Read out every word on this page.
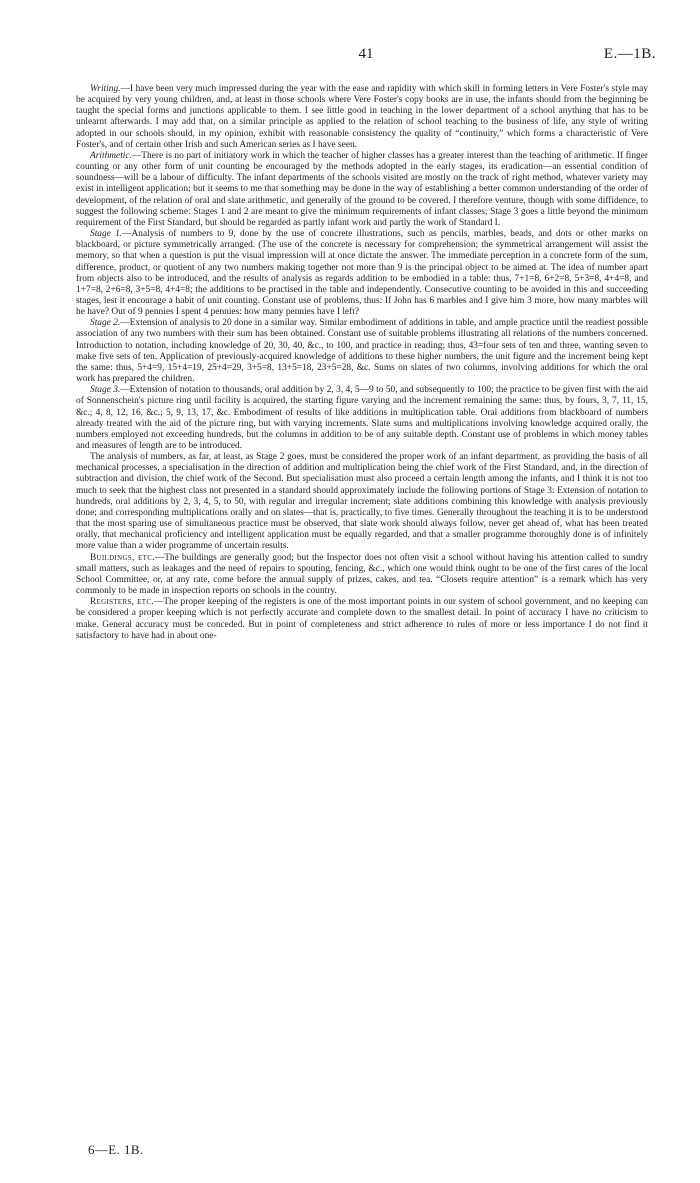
41	E.—1B.

Writing.—I have been very much impressed during the year with the ease and rapidity with which skill in forming letters in Vere Foster's style may be acquired by very young children, and, at least in those schools where Vere Foster's copy books are in use, the infants should from the beginning be taught the special forms and junctions applicable to them. I see little good in teaching in the lower department of a school anything that has to be unlearnt afterwards. I may add that, on a similar principle as applied to the relation of school teaching to the business of life, any style of writing adopted in our schools should, in my opinion, exhibit with reasonable consistency the quality of “continuity,” which forms a characteristic of Vere Foster's, and of certain other Irish and such American series as I have seen.

Arithmetic.—There is no part of initiatory work in which the teacher of higher classes has a greater interest than the teaching of arithmetic. If finger counting or any other form of unit counting be encouraged by the methods adopted in the early stages, its eradication—an essential condition of soundness—will be a labour of difficulty. The infant departments of the schools visited are mostly on the track of right method, whatever variety may exist in intelligent application; but it seems to me that something may be done in the way of establishing a better common understanding of the order of development, of the relation of oral and slate arithmetic, and generally of the ground to be covered. I therefore venture, though with some diffidence, to suggest the following scheme: Stages 1 and 2 are meant to give the minimum requirements of infant classes; Stage 3 goes a little beyond the minimum requirement of the First Standard, but should be regarded as partly infant work and partly the work of Standard I.

Stage 1.—Analysis of numbers to 9, done by the use of concrete illustrations, such as pencils, marbles, beads, and dots or other marks on blackboard, or picture symmetrically arranged. (The use of the concrete is necessary for comprehension; the symmetrical arrangement will assist the memory, so that when a question is put the visual impression will at once dictate the answer. The immediate perception in a concrete form of the sum, difference, product, or quotient of any two numbers making together not more than 9 is the principal object to be aimed at. The idea of number apart from objects also to be introduced, and the results of analysis as regards addition to be embodied in a table: thus, 7+1=8, 6+2=8, 5+3=8, 4+4=8, and 1+7=8, 2+6=8, 3+5=8, 4+4=8; the additions to be practised in the table and independently. Consecutive counting to be avoided in this and succeeding stages, lest it encourage a habit of unit counting. Constant use of problems, thus: If John has 6 marbles and I give him 3 more, how many marbles will he have? Out of 9 pennies I spent 4 pennies: how many pennies have I left?

Stage 2.—Extension of analysis to 20 done in a similar way. Similar embodiment of additions in table, and ample practice until the readiest possible association of any two numbers with their sum has been obtained. Constant use of suitable problems illustrating all relations of the numbers concerned. Introduction to notation, including knowledge of 20, 30, 40, &c., to 100, and practice in reading; thus, 43=four sets of ten and three, wanting seven to make five sets of ten. Application of previously-acquired knowledge of additions to these higher numbers, the unit figure and the increment being kept the same: thus, 5+4=9, 15+4=19, 25+4=29, 3+5=8, 13+5=18, 23+5=28, &c. Sums on slates of two columns, involving additions for which the oral work has prepared the children.

Stage 3.—Extension of notation to thousands, oral addition by 2, 3, 4, 5—9 to 50, and subsequently to 100; the practice to be given first with the aid of Sonnenschein's picture ring until facility is acquired, the starting figure varying and the increment remaining the same: thus, by fours, 3, 7, 11, 15, &c.; 4, 8, 12, 16, &c.; 5, 9, 13, 17, &c. Embodiment of results of like additions in multiplication table. Oral additions from blackboard of numbers already treated with the aid of the picture ring, but with varying increments. Slate sums and multiplications involving knowledge acquired orally, the numbers employed not exceeding hundreds, but the columns in addition to be of any suitable depth. Constant use of problems in which money tables and measures of length are to be introduced.

The analysis of numbers, as far, at least, as Stage 2 goes, must be considered the proper work of an infant department, as providing the basis of all mechanical processes, a specialisation in the direction of addition and multiplication being the chief work of the First Standard, and, in the direction of subtraction and division, the chief work of the Second. But specialisation must also proceed a certain length among the infants, and I think it is not too much to seek that the highest class not presented in a standard should approximately include the following portions of Stage 3: Extension of notation to hundreds, oral additions by 2, 3, 4, 5, to 50, with regular and irregular increment; slate additions combining this knowledge with analysis previously done; and corresponding multiplications orally and on slates—that is, practically, to five times. Generally throughout the teaching it is to be understood that the most sparing use of simultaneous practice must be observed, that slate work should always follow, never get ahead of, what has been treated orally, that mechanical proficiency and intelligent application must be equally regarded, and that a smaller programme thoroughly done is of infinitely more value than a wider programme of uncertain results.

Buildings, etc.—The buildings are generally good; but the Inspector does not often visit a school without having his attention called to sundry small matters, such as leakages and the need of repairs to spouting, fencing, &c., which one would think ought to be one of the first cares of the local School Committee, or, at any rate, come before the annual supply of prizes, cakes, and tea. “Closets require attention” is a remark which has very commonly to be made in inspection reports on schools in the country.

Registers, etc.—The proper keeping of the registers is one of the most important points in our system of school government, and no keeping can be considered a proper keeping which is not perfectly accurate and complete down to the smallest detail. In point of accuracy I have no criticism to make. General accuracy must be conceded. But in point of completeness and strict adherence to rules of more or less importance I do not find it satisfactory to have had in about one-

6—E. 1B.
